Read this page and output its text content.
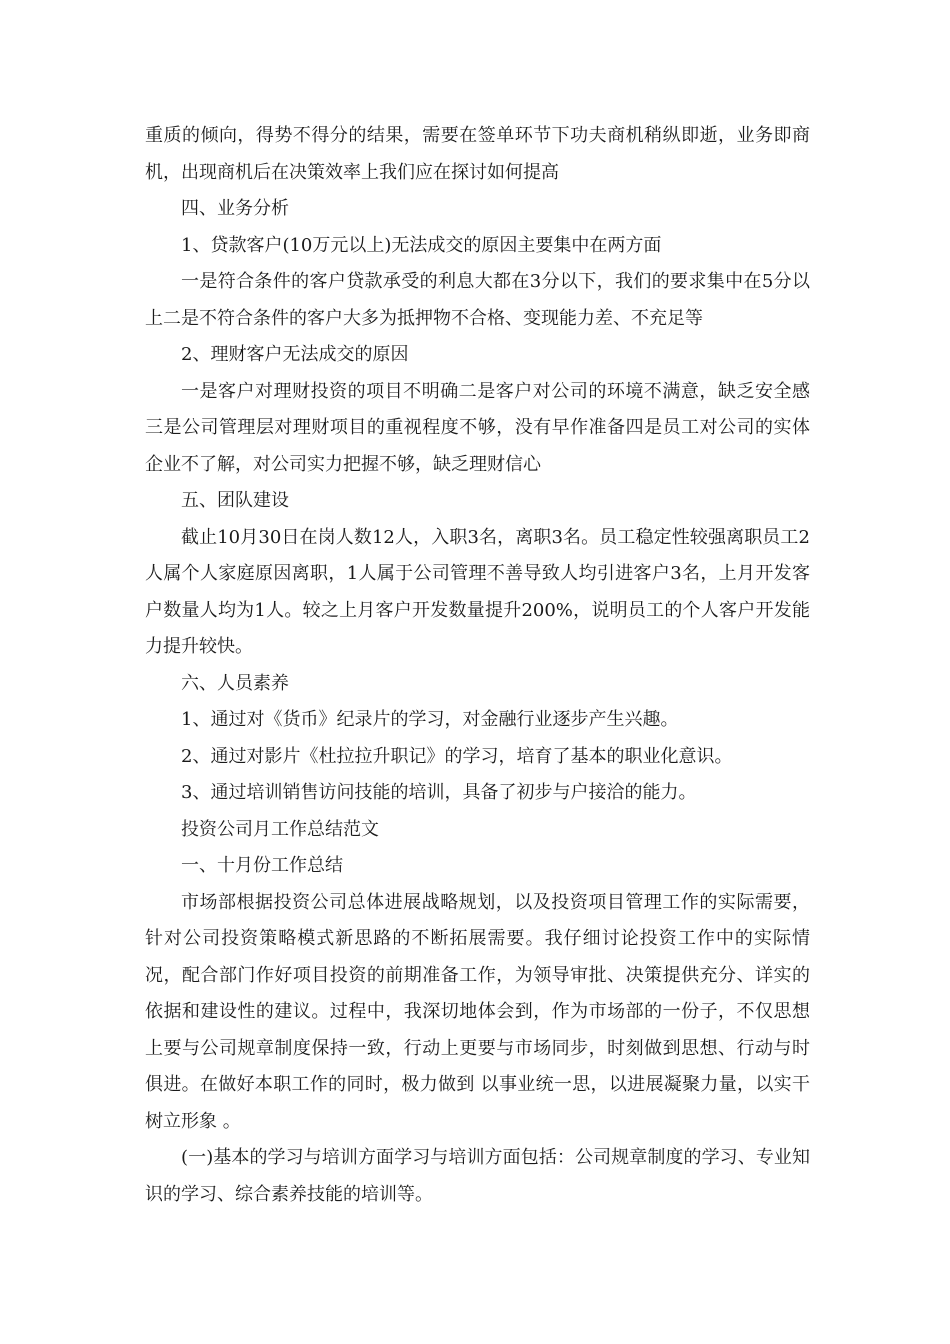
重质的倾向，得势不得分的结果，需要在签单环节下功夫商机稍纵即逝，业务即商机，出现商机后在决策效率上我们应在探讨如何提高

四、业务分析

1、贷款客户(10万元以上)无法成交的原因主要集中在两方面

一是符合条件的客户贷款承受的利息大都在3分以下，我们的要求集中在5分以上二是不符合条件的客户大多为抵押物不合格、变现能力差、不充足等

2、理财客户无法成交的原因

一是客户对理财投资的项目不明确二是客户对公司的环境不满意，缺乏安全感三是公司管理层对理财项目的重视程度不够，没有早作准备四是员工对公司的实体企业不了解，对公司实力把握不够，缺乏理财信心

五、团队建设

截止10月30日在岗人数12人，入职3名，离职3名。员工稳定性较强离职员工2人属个人家庭原因离职，1人属于公司管理不善导致人均引进客户3名，上月开发客户数量人均为1人。较之上月客户开发数量提升200%，说明员工的个人客户开发能力提升较快。

六、人员素养

1、通过对《货币》纪录片的学习，对金融行业逐步产生兴趣。

2、通过对影片《杜拉拉升职记》的学习，培育了基本的职业化意识。

3、通过培训销售访问技能的培训，具备了初步与户接洽的能力。

投资公司月工作总结范文

一、十月份工作总结

市场部根据投资公司总体进展战略规划，以及投资项目管理工作的实际需要，针对公司投资策略模式新思路的不断拓展需要。我仔细讨论投资工作中的实际情况，配合部门作好项目投资的前期准备工作，为领导审批、决策提供充分、详实的依据和建设性的建议。过程中，我深切地体会到，作为市场部的一份子，不仅思想上要与公司规章制度保持一致，行动上更要与市场同步，时刻做到思想、行动与时俱进。在做好本职工作的同时，极力做到 以事业统一思，以进展凝聚力量，以实干树立形象 。

(一)基本的学习与培训方面学习与培训方面包括：公司规章制度的学习、专业知识的学习、综合素养技能的培训等。
